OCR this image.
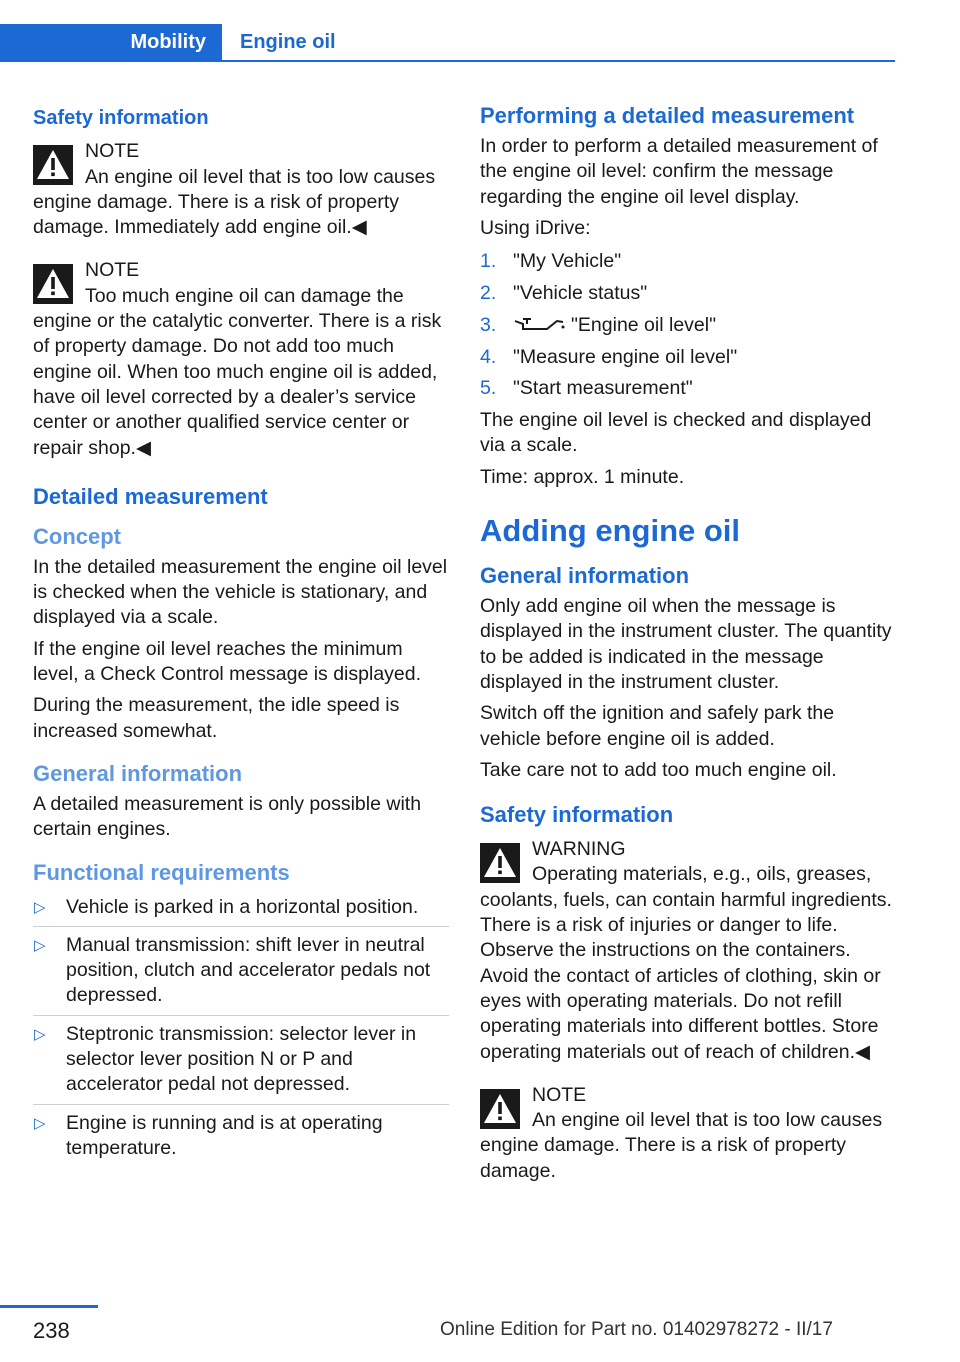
Mobility	Engine oil
Safety information
NOTE
An engine oil level that is too low causes engine damage. There is a risk of property damage. Immediately add engine oil.◀
NOTE
Too much engine oil can damage the engine or the catalytic converter. There is a risk of property damage. Do not add too much engine oil. When too much engine oil is added, have oil level corrected by a dealer’s service center or another qualified service center or repair shop.◀
Detailed measurement
Concept

In the detailed measurement the engine oil level is checked when the vehicle is stationary, and displayed via a scale.

If the engine oil level reaches the minimum level, a Check Control message is displayed.

During the measurement, the idle speed is increased somewhat.

General information

A detailed measurement is only possible with certain engines.

Functional requirements
▷ Vehicle is parked in a horizontal position.
▷ Manual transmission: shift lever in neutral position, clutch and accelerator pedals not depressed.
▷ Steptronic transmission: selector lever in selector lever position N or P and accelerator pedal not depressed.
▷ Engine is running and is at operating temperature.
Performing a detailed measurement

In order to perform a detailed measurement of the engine oil level: confirm the message regarding the engine oil level display.

Using iDrive:

1. "My Vehicle"
2. "Vehicle status"
3.	"Engine oil level"
4. "Measure engine oil level"
5. "Start measurement"

The engine oil level is checked and displayed via a scale.

Time: approx. 1 minute.

Adding engine oil
General information

Only add engine oil when the message is displayed in the instrument cluster. The quantity to be added is indicated in the message displayed in the instrument cluster.

Switch off the ignition and safely park the vehicle before engine oil is added.

Take care not to add too much engine oil.

Safety information
WARNING
Operating materials, e.g., oils, greases, coolants, fuels, can contain harmful ingredients. There is a risk of injuries or danger to life. Observe the instructions on the containers. Avoid the contact of articles of clothing, skin or eyes with operating materials. Do not refill operating materials into different bottles. Store operating materials out of reach of children.◀
NOTE
An engine oil level that is too low causes engine damage. There is a risk of property damage.
238	Online Edition for Part no. 01402978272 - II/17
